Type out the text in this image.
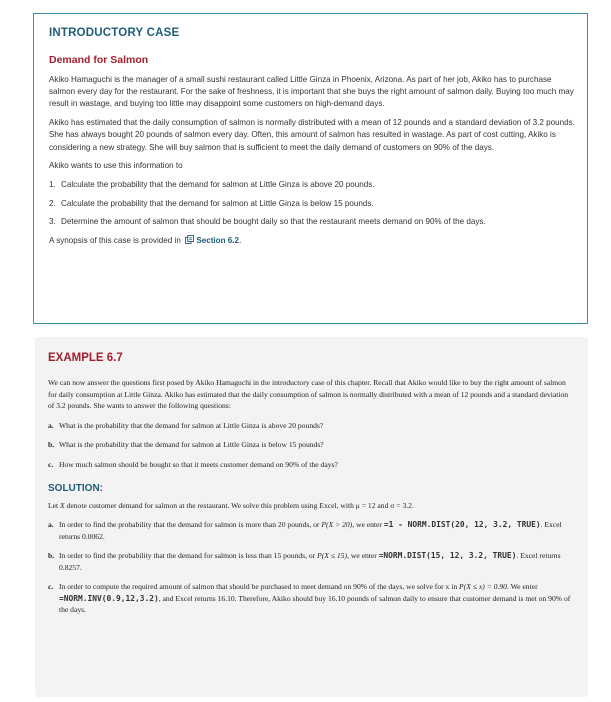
INTRODUCTORY CASE
Demand for Salmon

Akiko Hamaguchi is the manager of a small sushi restaurant called Little Ginza in Phoenix, Arizona. As part of her job, Akiko has to purchase salmon every day for the restaurant. For the sake of freshness, it is important that she buys the right amount of salmon daily. Buying too much may result in wastage, and buying too little may disappoint some customers on high-demand days.

Akiko has estimated that the daily consumption of salmon is normally distributed with a mean of 12 pounds and a standard deviation of 3.2 pounds. She has always bought 20 pounds of salmon every day. Often, this amount of salmon has resulted in wastage. As part of cost cutting, Akiko is considering a new strategy. She will buy salmon that is sufficient to meet the daily demand of customers on 90% of the days.

Akiko wants to use this information to

1. Calculate the probability that the demand for salmon at Little Ginza is above 20 pounds.
2. Calculate the probability that the demand for salmon at Little Ginza is below 15 pounds.
3. Determine the amount of salmon that should be bought daily so that the restaurant meets demand on 90% of the days.

A synopsis of this case is provided in Section 6.2.

EXAMPLE 6.7

We can now answer the questions first posed by Akiko Hamaguchi in the introductory case of this chapter. Recall that Akiko would like to buy the right amount of salmon for daily consumption at Little Ginza. Akiko has estimated that the daily consumption of salmon is normally distributed with a mean of 12 pounds and a standard deviation of 3.2 pounds. She wants to answer the following questions:

a. What is the probability that the demand for salmon at Little Ginza is above 20 pounds?
b. What is the probability that the demand for salmon at Little Ginza is below 15 pounds?
c. How much salmon should be bought so that it meets customer demand on 90% of the days?
SOLUTION:

Let X denote customer demand for salmon at the restaurant. We solve this problem using Excel, with μ = 12 and σ = 3.2.

a. In order to find the probability that the demand for salmon is more than 20 pounds, or P(X > 20), we enter =1 - NORM.DIST(20, 12, 3.2, TRUE). Excel returns 0.0062.
b. In order to find the probability that the demand for salmon is less than 15 pounds, or P(X ≤ 15), we enter =NORM.DIST(15, 12, 3.2, TRUE). Excel returns 0.8257.
c. In order to compute the required amount of salmon that should be purchased to meet demand on 90% of the days, we solve for x in P(X ≤ x) = 0.90. We enter =NORM.INV(0.9,12,3.2), and Excel returns 16.10. Therefore, Akiko should buy 16.10 pounds of salmon daily to ensure that customer demand is met on 90% of the days.
